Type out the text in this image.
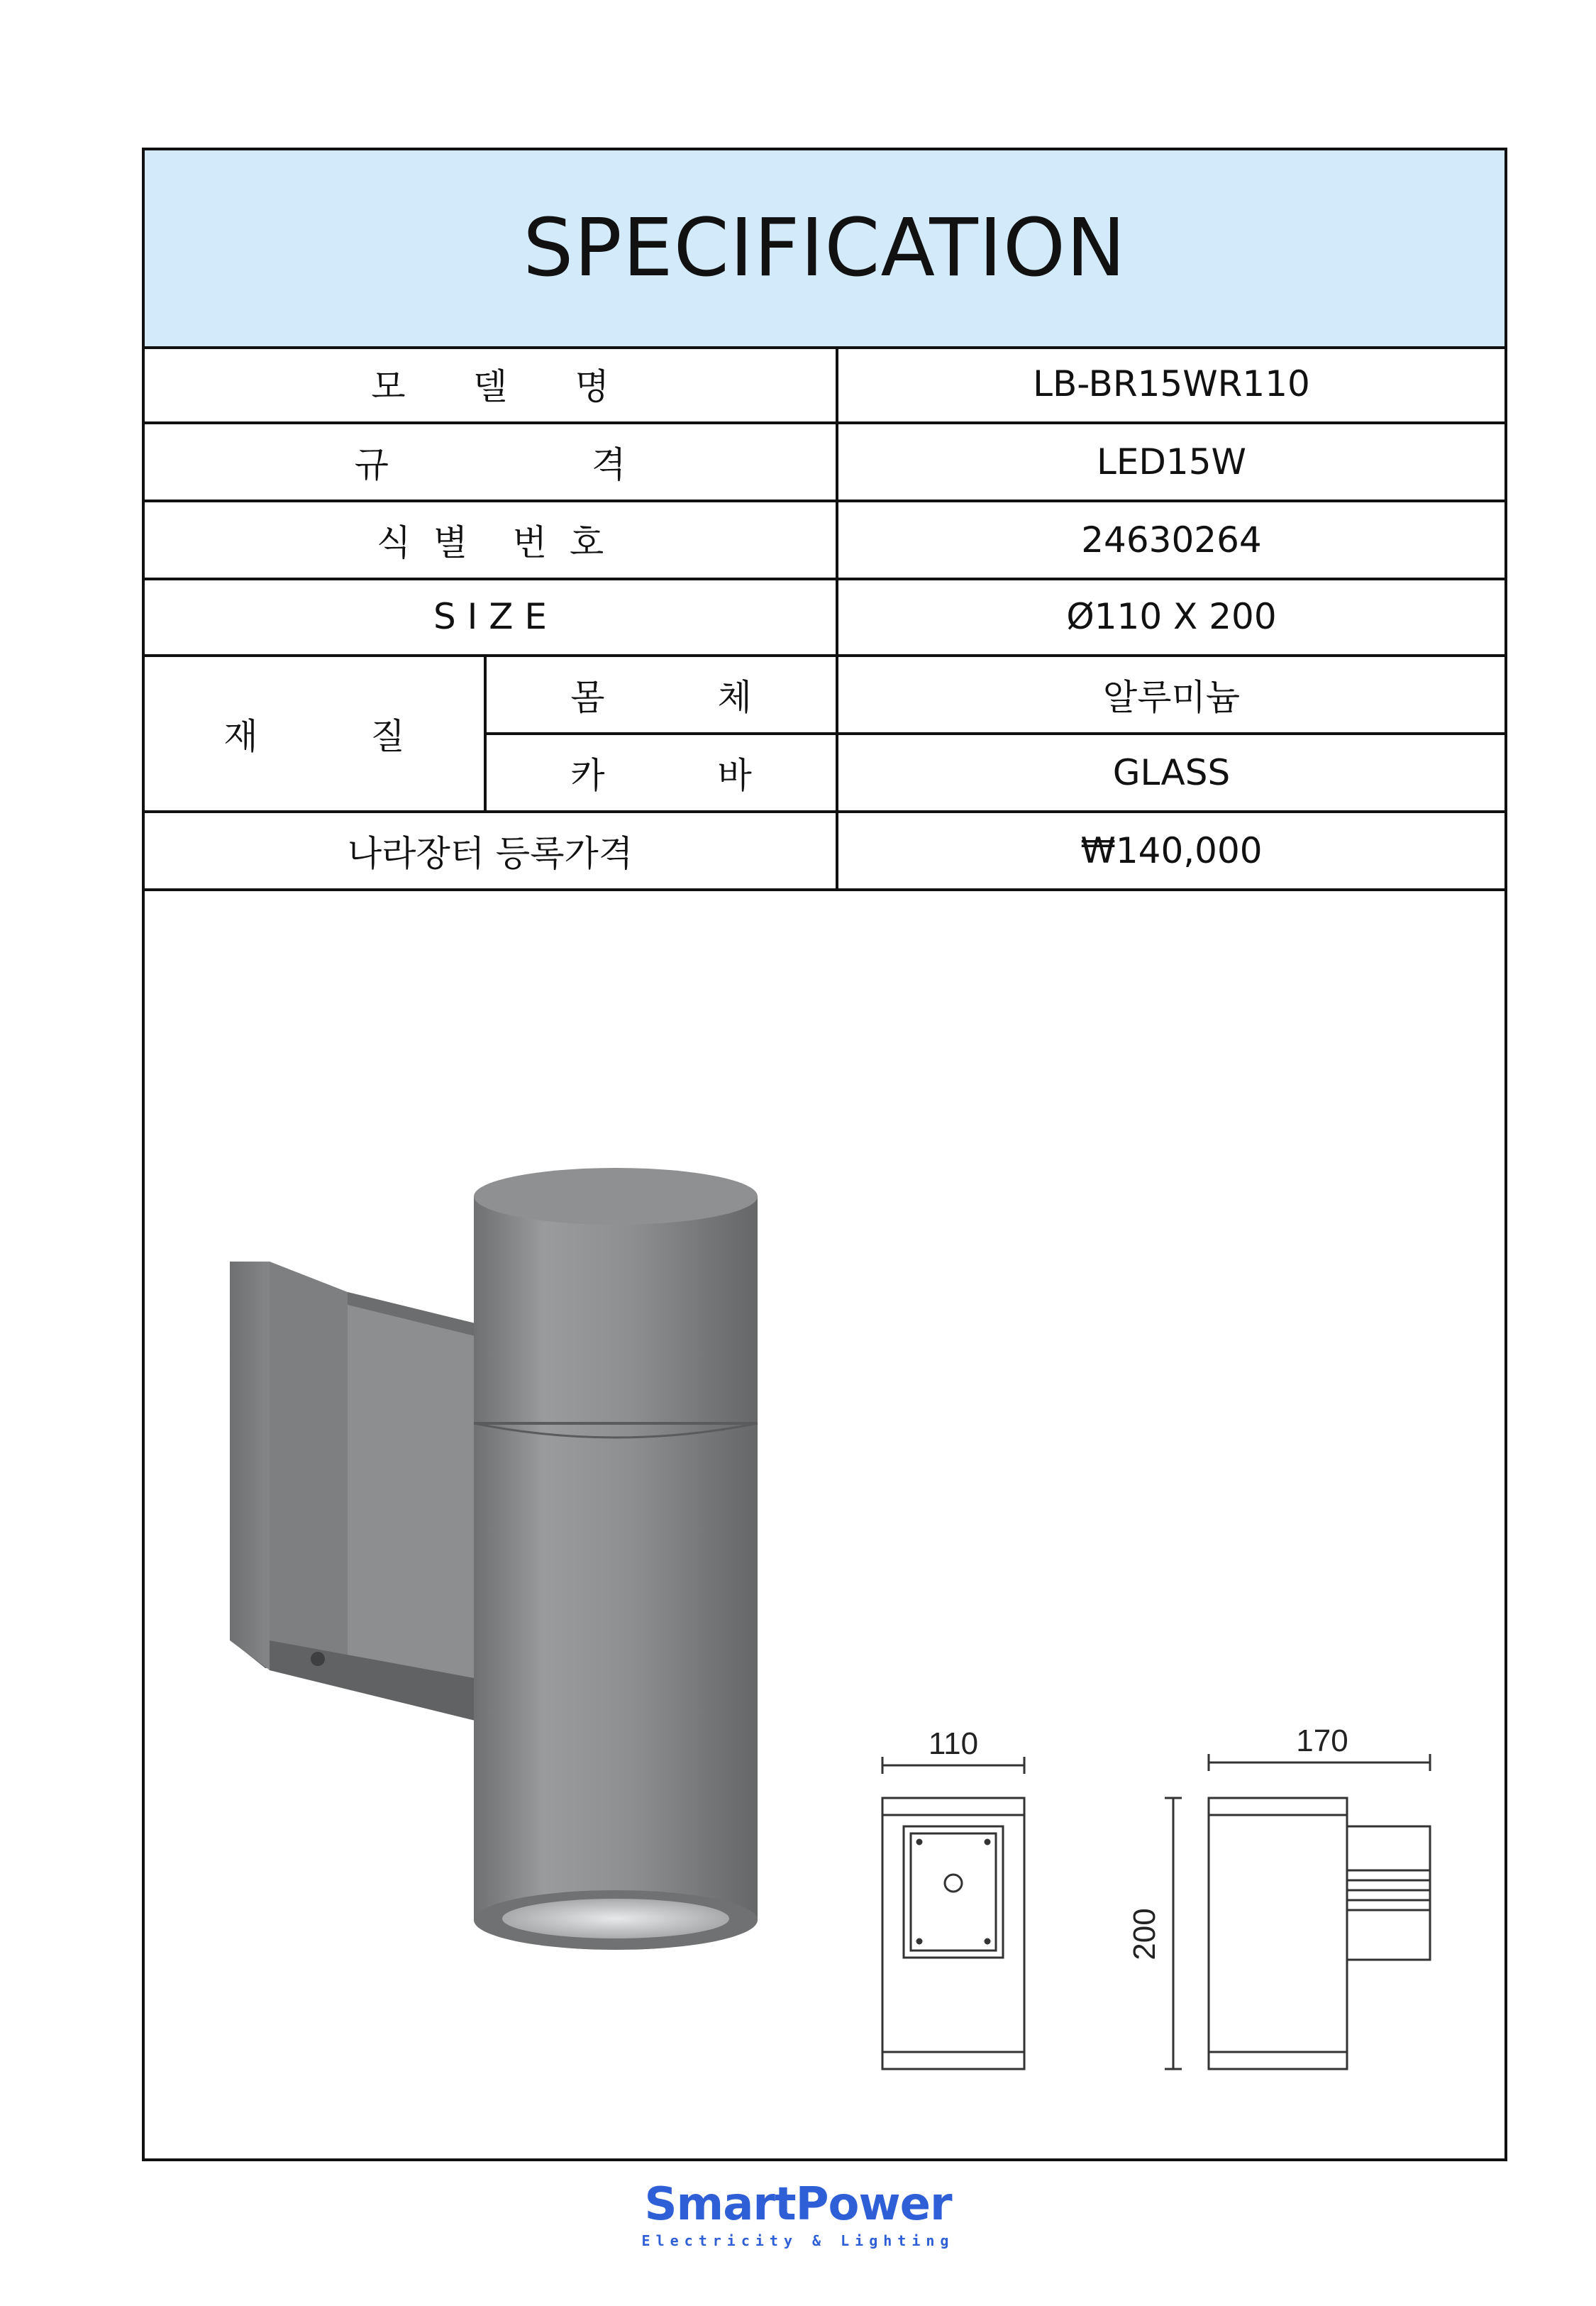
SPECIFICATION
모      델      명	LB-BR15WR110
규                  격	LED15W
식  별    번  호	24630264
S I Z E	Ø110 X 200
재          질
몸          체	알루미늄
카          바	GLASS
나라장터 등록가격	₩140,000
110	170
200
SmartPower
Electricity & Lighting
